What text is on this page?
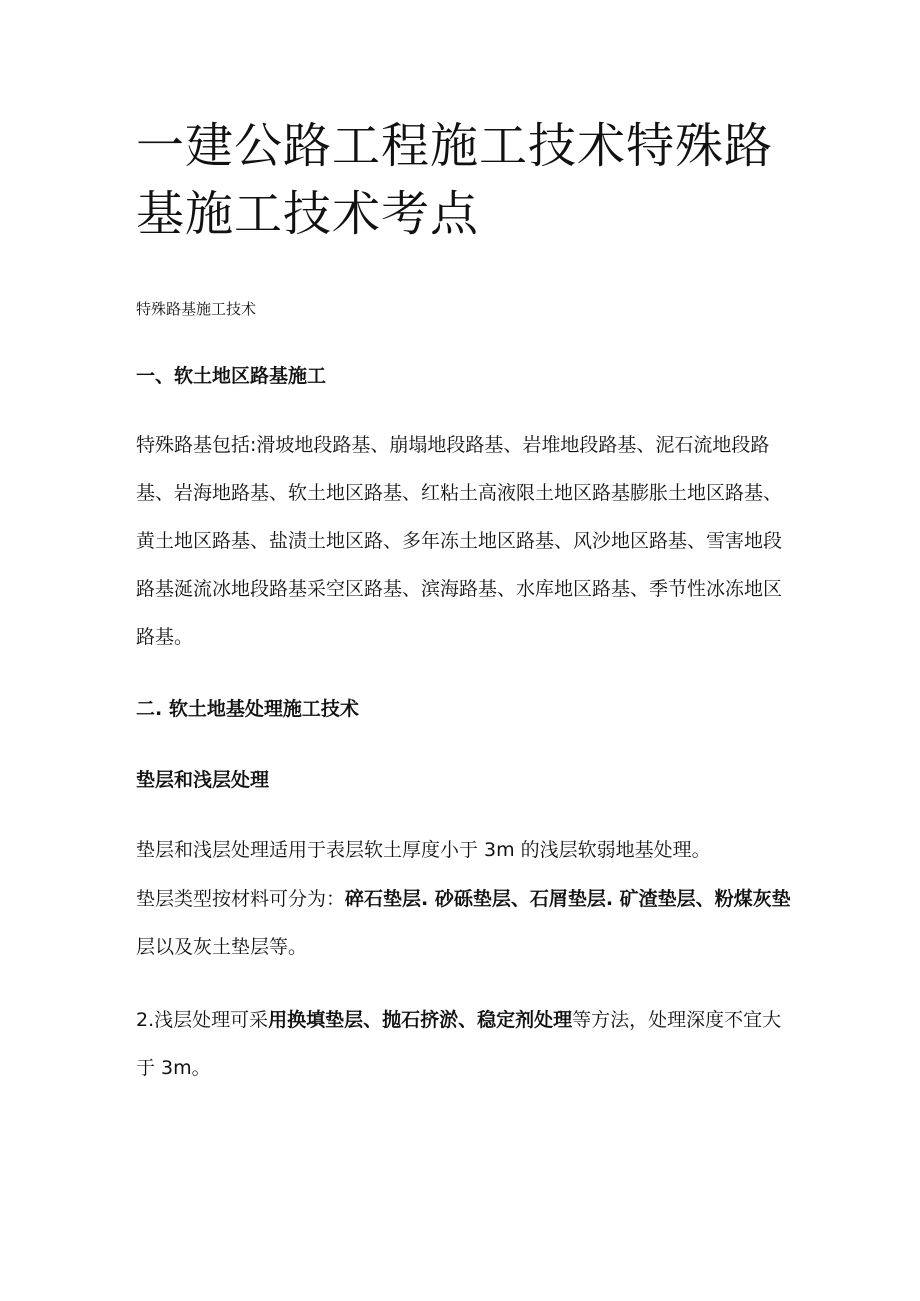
一建公路工程施工技术特殊路基施工技术考点
特殊路基施工技术
一、软土地区路基施工
特殊路基包括:滑坡地段路基、崩塌地段路基、岩堆地段路基、泥石流地段路基、岩海地路基、软土地区路基、红粘土高液限土地区路基膨胀土地区路基、黄土地区路基、盐渍土地区路、多年冻土地区路基、风沙地区路基、雪害地段路基涎流冰地段路基采空区路基、滨海路基、水库地区路基、季节性冰冻地区路基。
二. 软土地基处理施工技术
垫层和浅层处理
垫层和浅层处理适用于表层软土厚度小于 3m 的浅层软弱地基处理。
垫层类型按材料可分为：碎石垫层. 砂砾垫层、石屑垫层. 矿渣垫层、粉煤灰垫层以及灰土垫层等。
2.浅层处理可采用换填垫层、抛石挤淤、稳定剂处理等方法，处理深度不宜大于 3m。
